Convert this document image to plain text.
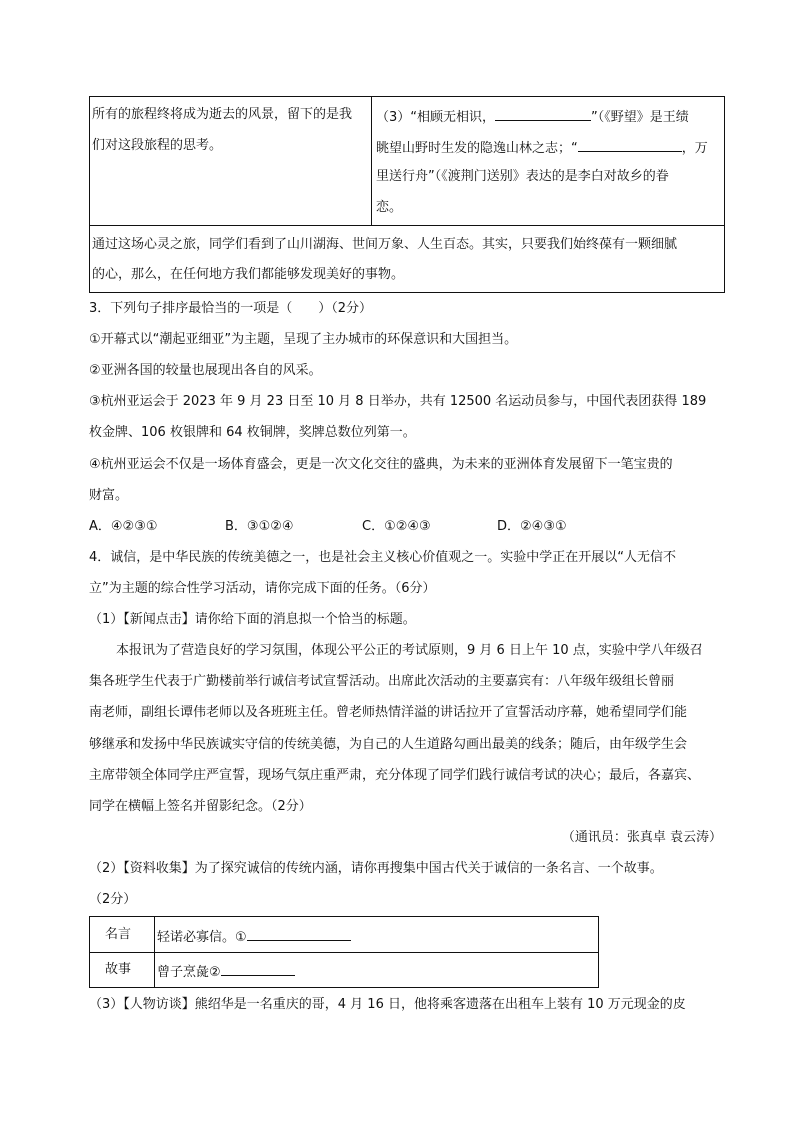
所有的旅程终将成为逝去的风景，留下的是我
们对这段旅程的思考。
（3）“相顾无相识，	”（《野望》是王绩
眺望山野时生发的隐逸山林之志；“	，万
里送行舟”（《渡荆门送别》表达的是李白对故乡的眷
恋。
通过这场心灵之旅，同学们看到了山川湖海、世间万象、人生百态。其实，只要我们始终葆有一颗细腻
的心，那么，在任何地方我们都能够发现美好的事物。
3．下列句子排序最恰当的一项是（　　）（2分）
①开幕式以“潮起亚细亚”为主题，呈现了主办城市的环保意识和大国担当。
②亚洲各国的较量也展现出各自的风采。
③杭州亚运会于 2023 年 9 月 23 日至 10 月 8 日举办，共有 12500 名运动员参与，中国代表团获得 189
枚金牌、106 枚银牌和 64 枚铜牌，奖牌总数位列第一。
④杭州亚运会不仅是一场体育盛会，更是一次文化交往的盛典，为未来的亚洲体育发展留下一笔宝贵的
财富。
A．④②③①	B．③①②④	C．①②④③	D．②④③①
4．诚信，是中华民族的传统美德之一，也是社会主义核心价值观之一。实验中学正在开展以“人无信不
立”为主题的综合性学习活动，请你完成下面的任务。（6分）
（1）【新闻点击】请你给下面的消息拟一个恰当的标题。
本报讯为了营造良好的学习氛围，体现公平公正的考试原则，9 月 6 日上午 10 点，实验中学八年级召
集各班学生代表于广勤楼前举行诚信考试宣誓活动。出席此次活动的主要嘉宾有：八年级年级组长曾丽
南老师，副组长谭伟老师以及各班班主任。曾老师热情洋溢的讲话拉开了宣誓活动序幕，她希望同学们能
够继承和发扬中华民族诚实守信的传统美德，为自己的人生道路勾画出最美的线条；随后，由年级学生会
主席带领全体同学庄严宣誓，现场气氛庄重严肃，充分体现了同学们践行诚信考试的决心；最后，各嘉宾、
同学在横幅上签名并留影纪念。（2分）
（通讯员：张真卓 袁云涛）
（2）【资料收集】为了探究诚信的传统内涵，请你再搜集中国古代关于诚信的一条名言、一个故事。
（2分）
名言 轻诺必寡信。①
故事 曾子烹彘②
（3）【人物访谈】熊绍华是一名重庆的哥，4 月 16 日，他将乘客遗落在出租车上装有 10 万元现金的皮
